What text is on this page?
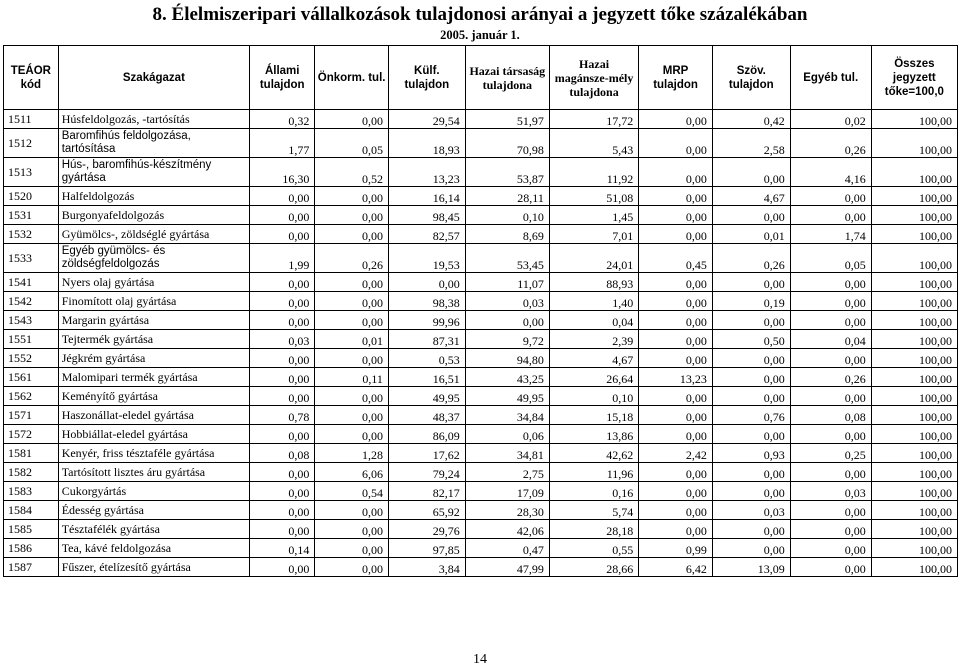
8. Élelmiszeripari vállalkozások tulajdonosi arányai a jegyzett tőke százalékában
2005. január 1.
TEÁOR kód	Szakágazat	Állami tulajdon	Önkorm. tul.	Külf. tulajdon	Hazai társaság tulajdona	Hazai magánsze-mély tulajdona	MRP tulajdon	Szöv. tulajdon	Egyéb tul.	Összes jegyzett tőke=100,0
1511	Húsfeldolgozás, -tartósítás	0,32	0,00	29,54	51,97	17,72	0,00	0,42	0,02	100,00
1512	Baromfihús feldolgozása, tartósítása	1,77	0,05	18,93	70,98	5,43	0,00	2,58	0,26	100,00
1513	Hús-, baromfihús-készítmény gyártása	16,30	0,52	13,23	53,87	11,92	0,00	0,00	4,16	100,00
1520	Halfeldolgozás	0,00	0,00	16,14	28,11	51,08	0,00	4,67	0,00	100,00
1531	Burgonyafeldolgozás	0,00	0,00	98,45	0,10	1,45	0,00	0,00	0,00	100,00
1532	Gyümölcs-, zöldséglé gyártása	0,00	0,00	82,57	8,69	7,01	0,00	0,01	1,74	100,00
1533	Egyéb gyümölcs- és zöldségfeldolgozás	1,99	0,26	19,53	53,45	24,01	0,45	0,26	0,05	100,00
1541	Nyers olaj gyártása	0,00	0,00	0,00	11,07	88,93	0,00	0,00	0,00	100,00
1542	Finomított olaj gyártása	0,00	0,00	98,38	0,03	1,40	0,00	0,19	0,00	100,00
1543	Margarin gyártása	0,00	0,00	99,96	0,00	0,04	0,00	0,00	0,00	100,00
1551	Tejtermék gyártása	0,03	0,01	87,31	9,72	2,39	0,00	0,50	0,04	100,00
1552	Jégkrém gyártása	0,00	0,00	0,53	94,80	4,67	0,00	0,00	0,00	100,00
1561	Malomipari termék gyártása	0,00	0,11	16,51	43,25	26,64	13,23	0,00	0,26	100,00
1562	Keményítő gyártása	0,00	0,00	49,95	49,95	0,10	0,00	0,00	0,00	100,00
1571	Haszonállat-eledel gyártása	0,78	0,00	48,37	34,84	15,18	0,00	0,76	0,08	100,00
1572	Hobbiállat-eledel gyártása	0,00	0,00	86,09	0,06	13,86	0,00	0,00	0,00	100,00
1581	Kenyér, friss tésztaféle gyártása	0,08	1,28	17,62	34,81	42,62	2,42	0,93	0,25	100,00
1582	Tartósított lisztes áru gyártása	0,00	6,06	79,24	2,75	11,96	0,00	0,00	0,00	100,00
1583	Cukorgyártás	0,00	0,54	82,17	17,09	0,16	0,00	0,00	0,03	100,00
1584	Édesség gyártása	0,00	0,00	65,92	28,30	5,74	0,00	0,03	0,00	100,00
1585	Tésztafélék gyártása	0,00	0,00	29,76	42,06	28,18	0,00	0,00	0,00	100,00
1586	Tea, kávé feldolgozása	0,14	0,00	97,85	0,47	0,55	0,99	0,00	0,00	100,00
1587	Fűszer, ételízesítő gyártása	0,00	0,00	3,84	47,99	28,66	6,42	13,09	0,00	100,00
14
